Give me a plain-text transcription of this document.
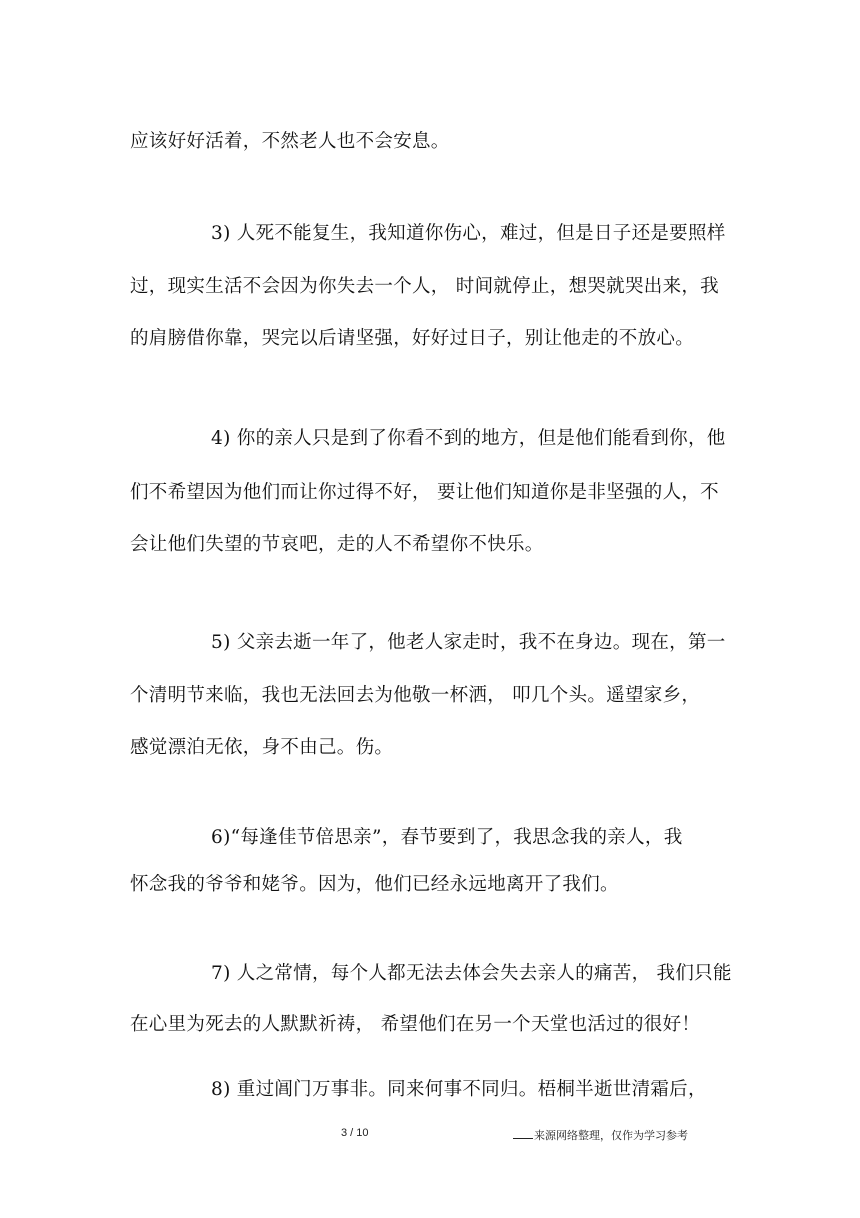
应该好好活着，不然老人也不会安息。
3) 人死不能复生，我知道你伤心，难过，但是日子还是要照样
过，现实生活不会因为你失去一个人， 时间就停止，想哭就哭出来，我
的肩膀借你靠，哭完以后请坚强，好好过日子，别让他走的不放心。
4) 你的亲人只是到了你看不到的地方，但是他们能看到你，他
们不希望因为他们而让你过得不好， 要让他们知道你是非坚强的人，不
会让他们失望的节哀吧，走的人不希望你不快乐。
5) 父亲去逝一年了，他老人家走时，我不在身边。现在，第一
个清明节来临，我也无法回去为他敬一杯洒， 叩几个头。遥望家乡，
感觉漂泊无依，身不由己。伤。
6)“每逢佳节倍思亲”，春节要到了，我思念我的亲人，我
怀念我的爷爷和姥爷。因为，他们已经永远地离开了我们。
7) 人之常情，每个人都无法去体会失去亲人的痛苦， 我们只能
在心里为死去的人默默祈祷， 希望他们在另一个天堂也活过的很好！
8) 重过阊门万事非。同来何事不同归。梧桐半逝世清霜后，
3 / 10	来源网络整理，仅作为学习参考
